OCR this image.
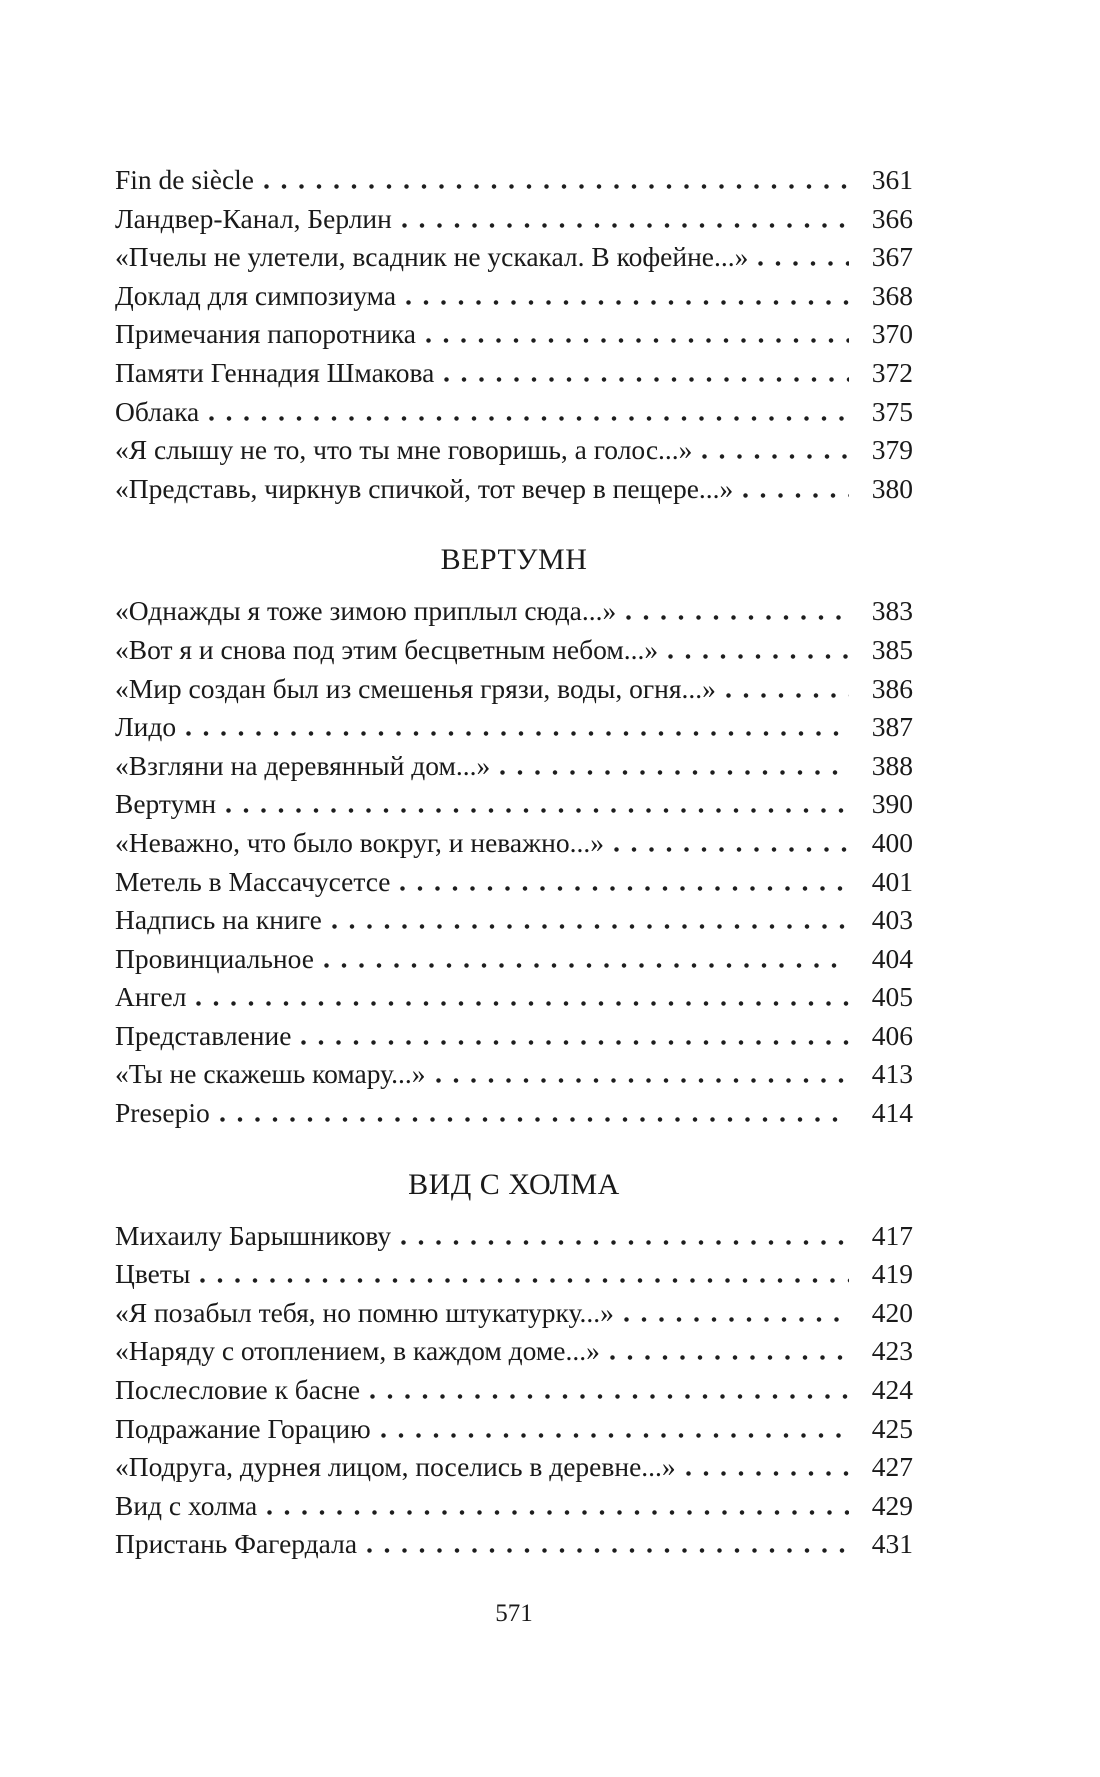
Fin de siècle	361
Ландвер-Канал, Берлин	366
«Пчелы не улетели, всадник не ускакал. В кофейне...»	367
Доклад для симпозиума	368
Примечания папоротника	370
Памяти Геннадия Шмакова	372
Облака	375
«Я слышу не то, что ты мне говоришь, а голос...»	379
«Представь, чиркнув спичкой, тот вечер в пещере...»	380
ВЕРТУМН
«Однажды я тоже зимою приплыл сюда...»	383
«Вот я и снова под этим бесцветным небом...»	385
«Мир создан был из смешенья грязи, воды, огня...»	386
Лидо	387
«Взгляни на деревянный дом...»	388
Вертумн	390
«Неважно, что было вокруг, и неважно...»	400
Метель в Массачусетсе	401
Надпись на книге	403
Провинциальное	404
Ангел	405
Представление	406
«Ты не скажешь комару...»	413
Presepio	414
ВИД С ХОЛМА
Михаилу Барышникову	417
Цветы	419
«Я позабыл тебя, но помню штукатурку...»	420
«Наряду с отоплением, в каждом доме...»	423
Послесловие к басне	424
Подражание Горацию	425
«Подруга, дурнея лицом, поселись в деревне...»	427
Вид с холма	429
Пристань Фагердала	431
571
